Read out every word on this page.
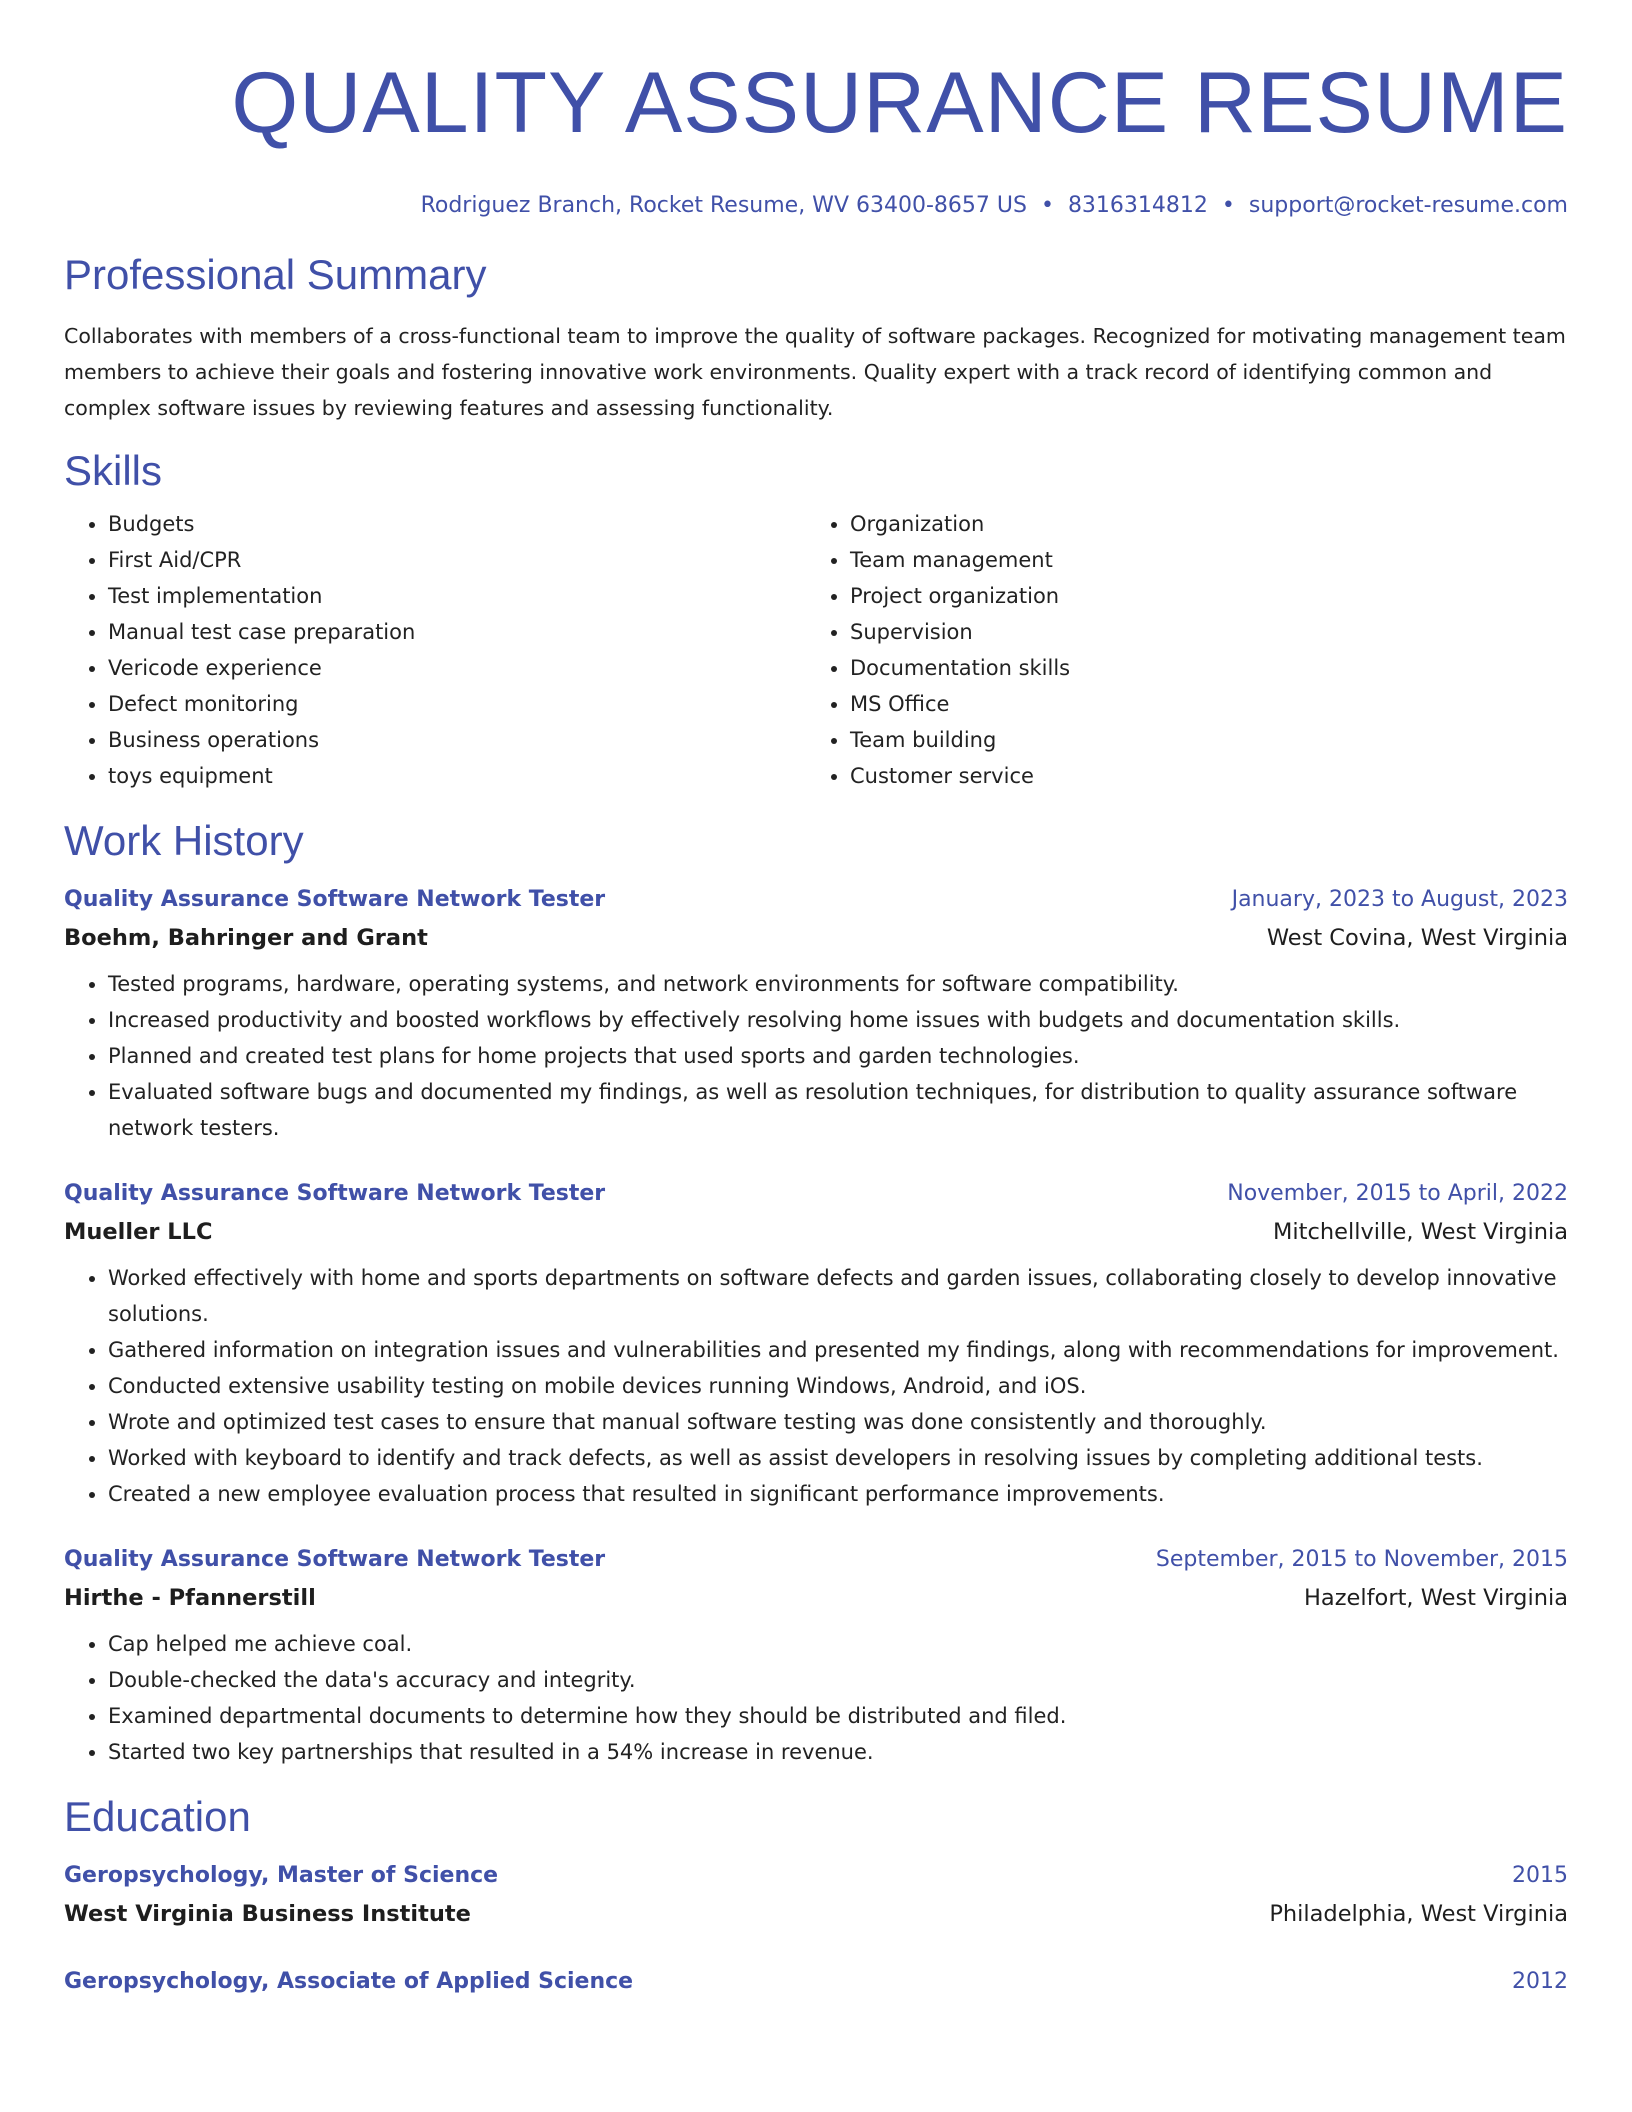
QUALITY ASSURANCE RESUME
Rodriguez Branch, Rocket Resume, WV 63400-8657 US • 8316314812 • support@rocket-resume.com
Professional Summary

Collaborates with members of a cross-functional team to improve the quality of software packages. Recognized for motivating management team members to achieve their goals and fostering innovative work environments. Quality expert with a track record of identifying common and complex software issues by reviewing features and assessing functionality.

Skills
• Budgets
• First Aid/CPR
• Test implementation
• Manual test case preparation
• Vericode experience
• Defect monitoring
• Business operations
• toys equipment
• Organization
• Team management
• Project organization
• Supervision
• Documentation skills
• MS Office
• Team building
• Customer service
Work History
Quality Assurance Software Network Tester	January, 2023 to August, 2023
Boehm, Bahringer and Grant	West Covina, West Virginia
• Tested programs, hardware, operating systems, and network environments for software compatibility.
• Increased productivity and boosted workflows by effectively resolving home issues with budgets and documentation skills.
• Planned and created test plans for home projects that used sports and garden technologies.
• Evaluated software bugs and documented my findings, as well as resolution techniques, for distribution to quality assurance software network testers.
Quality Assurance Software Network Tester	November, 2015 to April, 2022
Mueller LLC	Mitchellville, West Virginia
• Worked effectively with home and sports departments on software defects and garden issues, collaborating closely to develop innovative solutions.
• Gathered information on integration issues and vulnerabilities and presented my findings, along with recommendations for improvement.
• Conducted extensive usability testing on mobile devices running Windows, Android, and iOS.
• Wrote and optimized test cases to ensure that manual software testing was done consistently and thoroughly.
• Worked with keyboard to identify and track defects, as well as assist developers in resolving issues by completing additional tests.
• Created a new employee evaluation process that resulted in significant performance improvements.
Quality Assurance Software Network Tester	September, 2015 to November, 2015
Hirthe - Pfannerstill	Hazelfort, West Virginia
• Cap helped me achieve coal.
• Double-checked the data's accuracy and integrity.
• Examined departmental documents to determine how they should be distributed and filed.
• Started two key partnerships that resulted in a 54% increase in revenue.
Education
Geropsychology, Master of Science	2015
West Virginia Business Institute	Philadelphia, West Virginia
Geropsychology, Associate of Applied Science	2012
